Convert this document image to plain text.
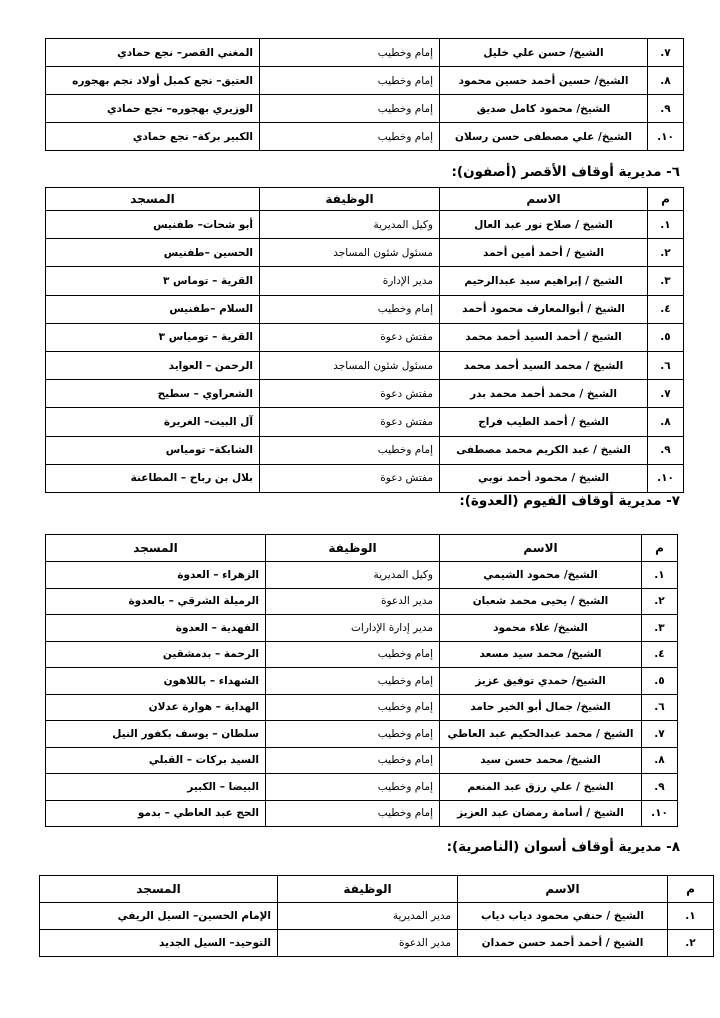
٧.	الشيخ/ حسن علي خليل	إمام وخطيب	المغني القصر– نجع حمادي
٨.	الشيخ/ حسين أحمد حسين محمود	إمام وخطيب	العتيق– نجع كمبل أولاد نجم بهجوره
٩.	الشيخ/ محمود كامل صديق	إمام وخطيب	الوزيري بهجوره– نجع حمادي
١٠.	الشيخ/ علي مصطفى حسن رسلان	إمام وخطيب	الكبير بركة– نجع حمادي
٦- مديرية أوقاف الأقصر (أصفون):
م	الاسم	الوظيفة	المسجد
١.	الشيخ / صلاح نور عبد العال	وكيل المديرية	أبو شحات– طفنيس
٢.	الشيخ / أحمد أمين أحمد	مسئول شئون المساجد	الحسين –طفنيس
٣.	الشيخ / إبراهيم سيد عبدالرحيم	مدير الإدارة	القرية – توماس ٣
٤.	الشيخ / أبوالمعارف محمود أحمد	إمام وخطيب	السلام –طفنيس
٥.	الشيخ / أحمد السيد أحمد محمد	مفتش دعوة	القرية – تومياس ٣
٦.	الشيخ / محمد السيد أحمد محمد	مسئول شئون المساجد	الرحمن – العوايد
٧.	الشيخ / محمد أحمد محمد بدر	مفتش دعوة	الشعراوي – سطيح
٨.	الشيخ / أحمد الطيب فراج	مفتش دعوة	آل البيت– الغريرة
٩.	الشيخ / عبد الكريم محمد مصطفى	إمام وخطيب	الشابكة– تومياس
١٠.	الشيخ / محمود أحمد نوبي	مفتش دعوة	بلال بن رباح – المطاعنة
٧- مديرية أوقاف الفيوم (العدوة):
م	الاسم	الوظيفة	المسجد
١.	الشيخ/ محمود الشيمي	وكيل المديرية	الزهراء – العدوة
٢.	الشيخ / يحيى محمد شعبان	مدير الدعوة	الرميلة الشرقي – بالعدوة
٣.	الشيخ/ علاء محمود	مدير إدارة الإدارات	الفهدية – العدوة
٤.	الشيخ/ محمد سيد مسعد	إمام وخطيب	الرحمة – بدمشقين
٥.	الشيخ/ حمدي توفيق عزيز	إمام وخطيب	الشهداء – باللاهون
٦.	الشيخ/ جمال أبو الخير حامد	إمام وخطيب	الهداية – هوارة عدلان
٧.	الشيخ / محمد عبدالحكيم عبد العاطي	إمام وخطيب	سلطان – يوسف بكفور النيل
٨.	الشيخ/ محمد حسن سيد	إمام وخطيب	السيد بركات – القبلي
٩.	الشيخ / علي رزق عبد المنعم	إمام وخطيب	البيضا – الكبير
١٠.	الشيخ / أسامة رمضان عبد العزيز	إمام وخطيب	الحج عبد العاطي – بدمو
٨- مديرية أوقاف أسوان (الناصرية):
م	الاسم	الوظيفة	المسجد
١.	الشيخ / حنفي محمود دياب دياب	مدير المديرية	الإمام الحسين– السيل الريفي
٢.	الشيخ / أحمد أحمد حسن حمدان	مدير الدعوة	التوحيد– السيل الجديد
